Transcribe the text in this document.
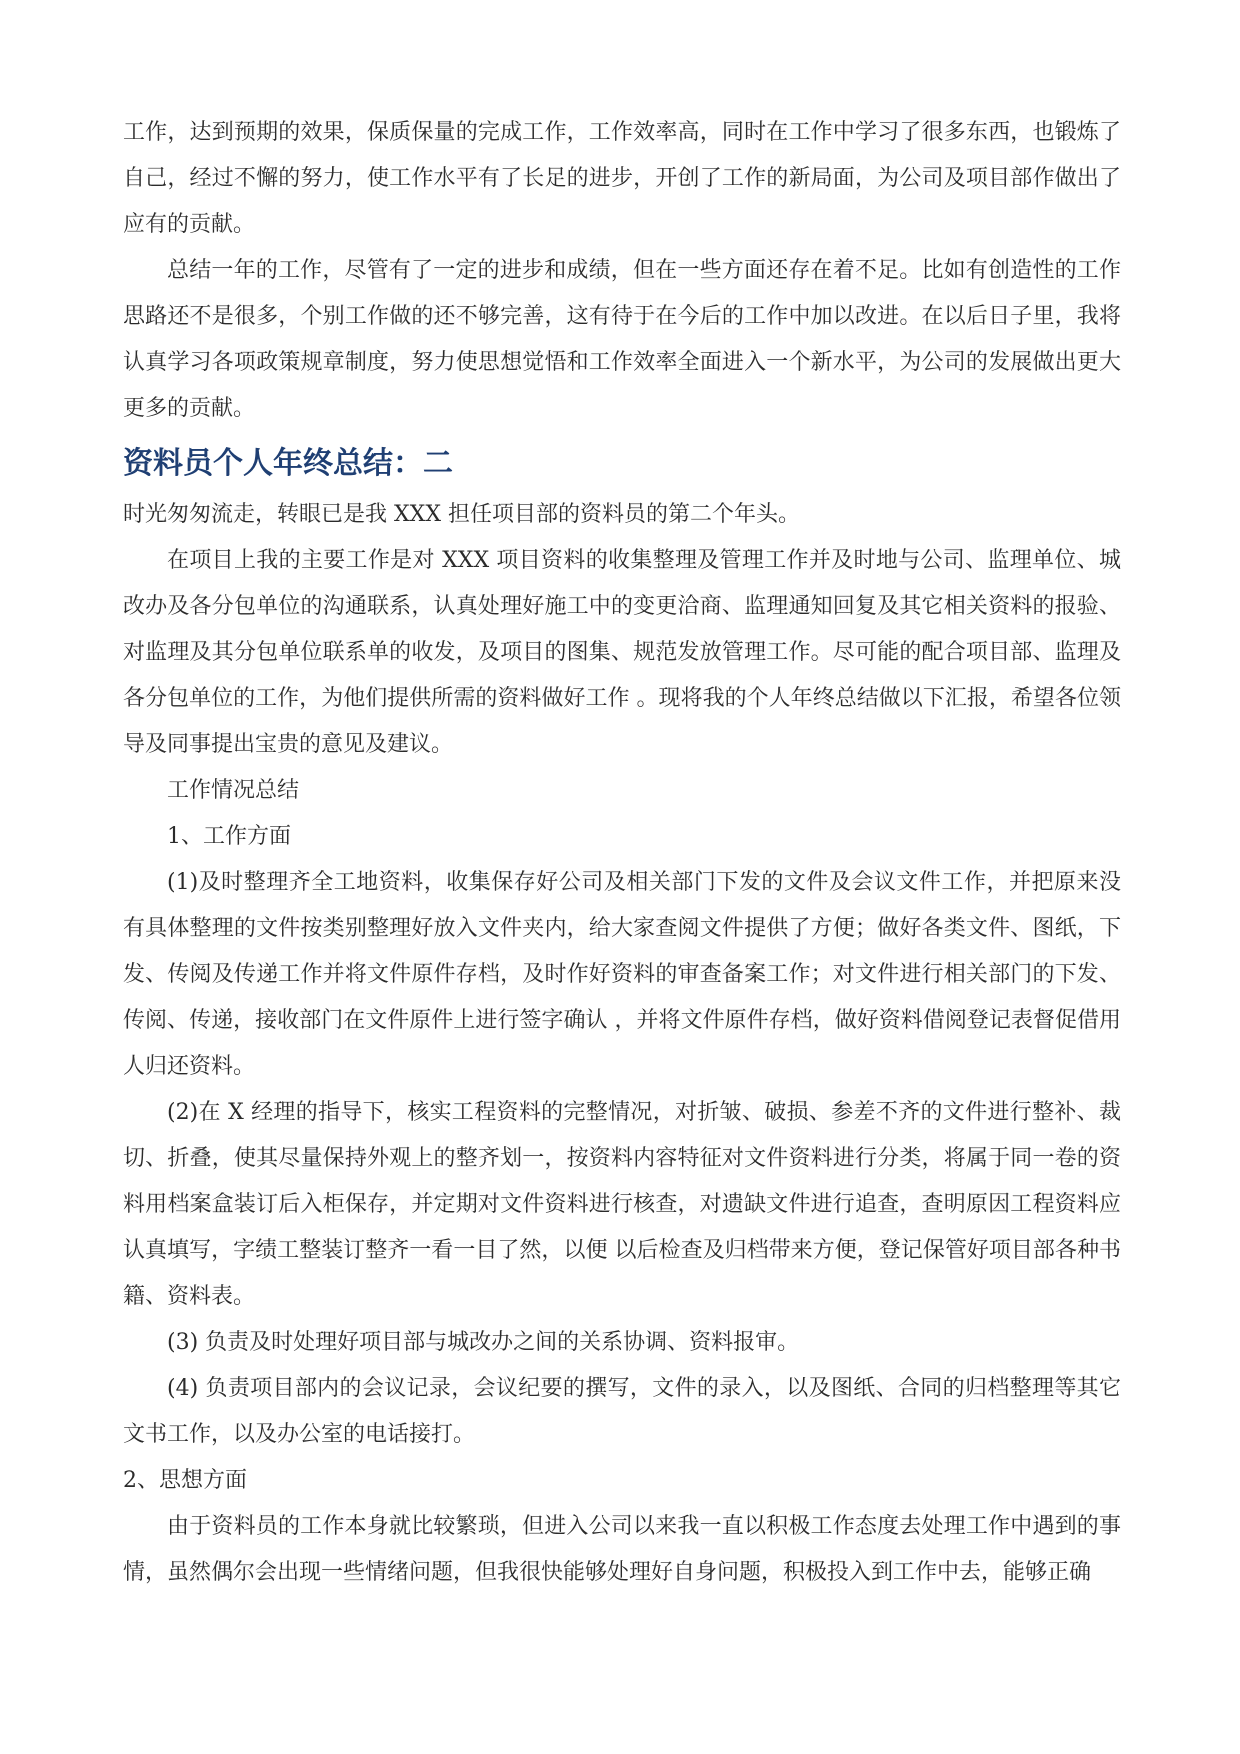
工作，达到预期的效果，保质保量的完成工作，工作效率高，同时在工作中学习了很多东西，也锻炼了自己，经过不懈的努力，使工作水平有了长足的进步，开创了工作的新局面，为公司及项目部作做出了应有的贡献。

总结一年的工作，尽管有了一定的进步和成绩，但在一些方面还存在着不足。比如有创造性的工作思路还不是很多，个别工作做的还不够完善，这有待于在今后的工作中加以改进。在以后日子里，我将认真学习各项政策规章制度，努力使思想觉悟和工作效率全面进入一个新水平，为公司的发展做出更大更多的贡献。

资料员个人年终总结：二

时光匆匆流走，转眼已是我 XXX 担任项目部的资料员的第二个年头。

在项目上我的主要工作是对 XXX 项目资料的收集整理及管理工作并及时地与公司、监理单位、城改办及各分包单位的沟通联系，认真处理好施工中的变更洽商、监理通知回复及其它相关资料的报验、对监理及其分包单位联系单的收发，及项目的图集、规范发放管理工作。尽可能的配合项目部、监理及各分包单位的工作，为他们提供所需的资料做好工作 。现将我的个人年终总结做以下汇报，希望各位领导及同事提出宝贵的意见及建议。

工作情况总结

1、工作方面

(1)及时整理齐全工地资料，收集保存好公司及相关部门下发的文件及会议文件工作，并把原来没有具体整理的文件按类别整理好放入文件夹内，给大家查阅文件提供了方便；做好各类文件、图纸，下发、传阅及传递工作并将文件原件存档，及时作好资料的审查备案工作；对文件进行相关部门的下发、传阅、传递，接收部门在文件原件上进行签字确认 ，并将文件原件存档，做好资料借阅登记表督促借用人归还资料。

(2)在 X 经理的指导下，核实工程资料的完整情况，对折皱、破损、参差不齐的文件进行整补、裁切、折叠，使其尽量保持外观上的整齐划一，按资料内容特征对文件资料进行分类，将属于同一卷的资料用档案盒装订后入柜保存，并定期对文件资料进行核查，对遗缺文件进行追查，查明原因工程资料应认真填写，字绩工整装订整齐一看一目了然，以便 以后检查及归档带来方便，登记保管好项目部各种书籍、资料表。

(3) 负责及时处理好项目部与城改办之间的关系协调、资料报审。

(4) 负责项目部内的会议记录，会议纪要的撰写，文件的录入，以及图纸、合同的归档整理等其它文书工作，以及办公室的电话接打。

2、思想方面

由于资料员的工作本身就比较繁琐，但进入公司以来我一直以积极工作态度去处理工作中遇到的事情，虽然偶尔会出现一些情绪问题，但我很快能够处理好自身问题，积极投入到工作中去，能够正确
